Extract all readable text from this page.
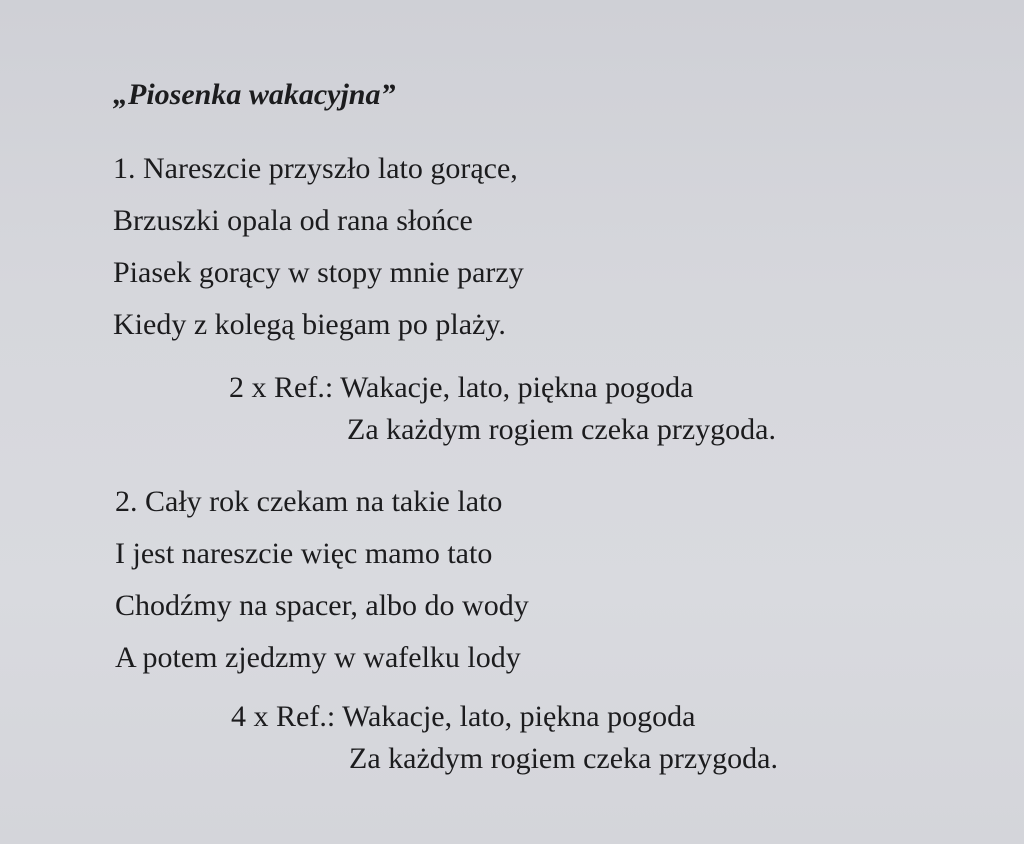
„Piosenka wakacyjna”
1. Nareszcie przyszło lato gorące,
Brzuszki opala od rana słońce
Piasek gorący w stopy mnie parzy
Kiedy z kolegą biegam po plaży.
2 x Ref.: Wakacje, lato, piękna pogoda
Za każdym rogiem czeka przygoda.
2. Cały rok czekam na takie lato
I jest nareszcie więc mamo tato
Chodźmy na spacer, albo do wody
A potem zjedzmy w wafelku lody
4 x Ref.: Wakacje, lato, piękna pogoda
Za każdym rogiem czeka przygoda.
